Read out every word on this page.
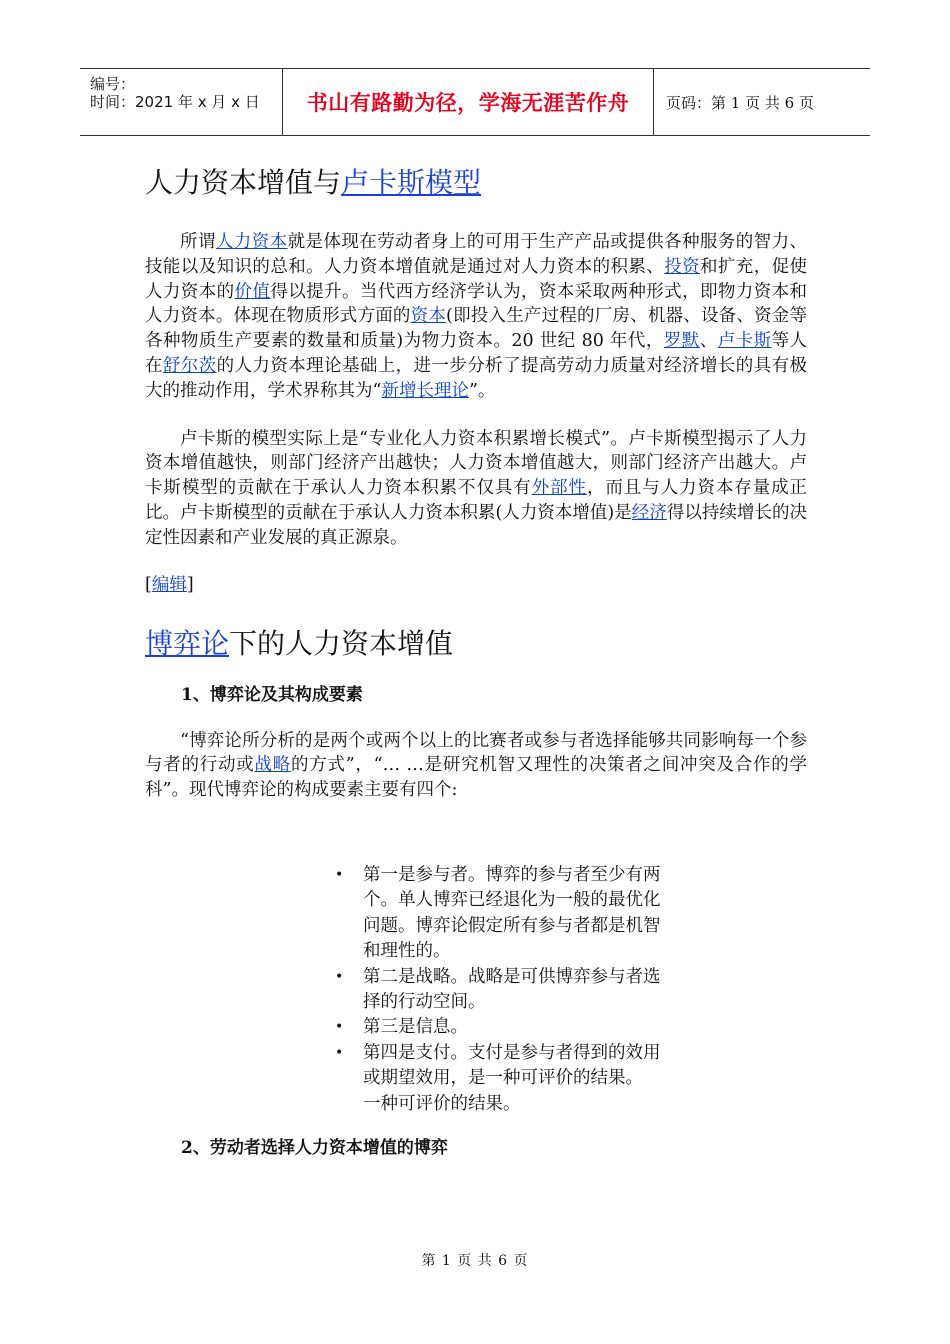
编号：
时间：2021 年 x 月 x 日	书山有路勤为径，学海无涯苦作舟	页码：第 1 页 共 6 页
人力资本增值与卢卡斯模型

所谓人力资本就是体现在劳动者身上的可用于生产产品或提供各种服务的智力、技能以及知识的总和。人力资本增值就是通过对人力资本的积累、投资和扩充，促使人力资本的价值得以提升。当代西方经济学认为，资本采取两种形式，即物力资本和人力资本。体现在物质形式方面的资本(即投入生产过程的厂房、机器、设备、资金等各种物质生产要素的数量和质量)为物力资本。20 世纪 80 年代，罗默、卢卡斯等人在舒尔茨的人力资本理论基础上，进一步分析了提高劳动力质量对经济增长的具有极大的推动作用，学术界称其为“新增长理论”。

卢卡斯的模型实际上是“专业化人力资本积累增长模式”。卢卡斯模型揭示了人力资本增值越快，则部门经济产出越快；人力资本增值越大，则部门经济产出越大。卢卡斯模型的贡献在于承认人力资本积累不仅具有外部性，而且与人力资本存量成正比。卢卡斯模型的贡献在于承认人力资本积累(人力资本增值)是经济得以持续增长的决定性因素和产业发展的真正源泉。

[编辑]

博弈论下的人力资本增值
1、博弈论及其构成要素

“博弈论所分析的是两个或两个以上的比赛者或参与者选择能够共同影响每一个参与者的行动或战略的方式”，“… …是研究机智又理性的决策者之间冲突及合作的学科”。现代博弈论的构成要素主要有四个:

•	第一是参与者。博弈的参与者至少有两个。单人博弈已经退化为一般的最优化问题。博弈论假定所有参与者都是机智和理性的。
•	第二是战略。战略是可供博弈参与者选择的行动空间。
•	第三是信息。
•	第四是支付。支付是参与者得到的效用或期望效用，是一种可评价的结果。 一种可评价的结果。
2、劳动者选择人力资本增值的博弈
第 1 页 共 6 页
